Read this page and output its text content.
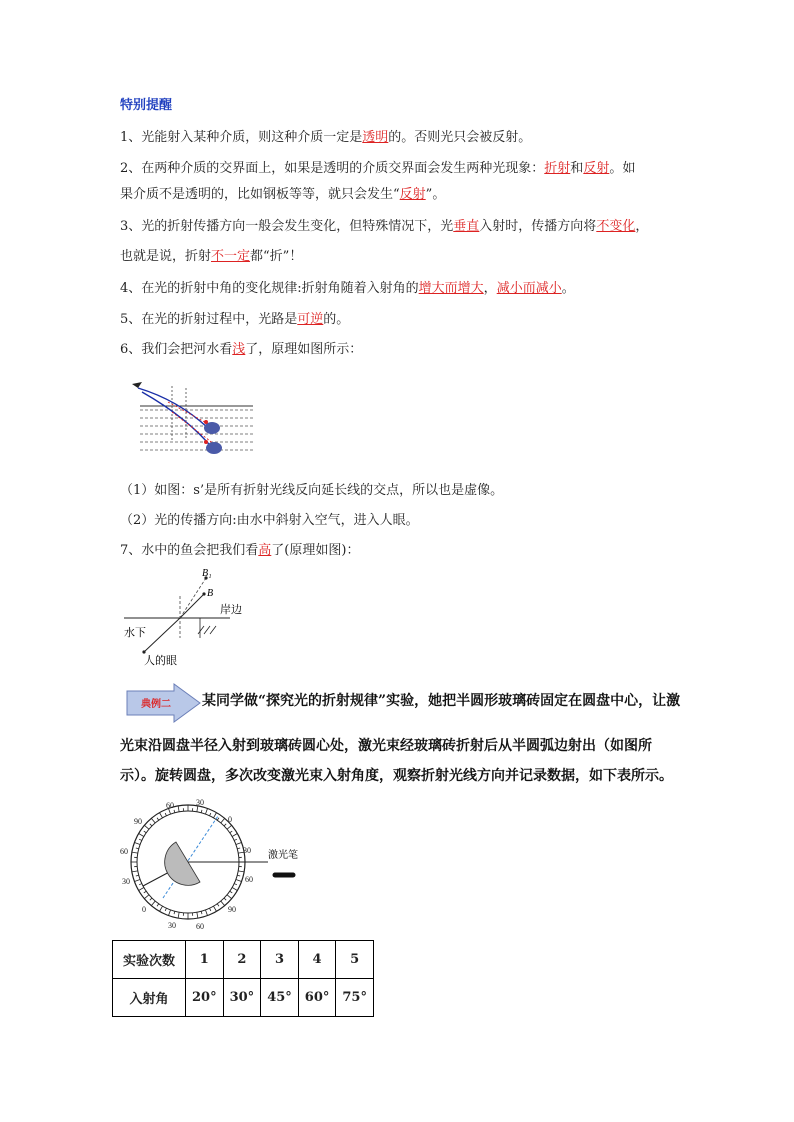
特别提醒
1、光能射入某种介质，则这种介质一定是透明的。否则光只会被反射。
2、在两种介质的交界面上，如果是透明的介质交界面会发生两种光现象：折射和反射。如
果介质不是透明的，比如钢板等等，就只会发生“反射”。
3、光的折射传播方向一般会发生变化，但特殊情况下，光垂直入射时，传播方向将不变化，
也就是说，折射不一定都“折”！
4、在光的折射中角的变化规律:折射角随着入射角的增大而增大，减小而减小。
5、在光的折射过程中，光路是可逆的。
6、我们会把河水看浅了，原理如图所示：
（1）如图：s’是所有折射光线反向延长线的交点，所以也是虚像。
（2）光的传播方向:由水中斜射入空气，进入人眼。
7、水中的鱼会把我们看高了(原理如图)：
B₁
B
岸边
水下
人的眼
典例二 某同学做“探究光的折射规律”实验，她把半圆形玻璃砖固定在圆盘中心，让激
光束沿圆盘半径入射到玻璃砖圆心处，激光束经玻璃砖折射后从半圆弧边射出（如图所
示）。旋转圆盘，多次改变激光束入射角度，观察折射光线方向并记录数据，如下表所示。
激光笔
60	30
90	0
60	30
30	60
0	90
60
30
实验次数	1	2	3	4	5
入射角	20°	30°	45°	60°	75°
